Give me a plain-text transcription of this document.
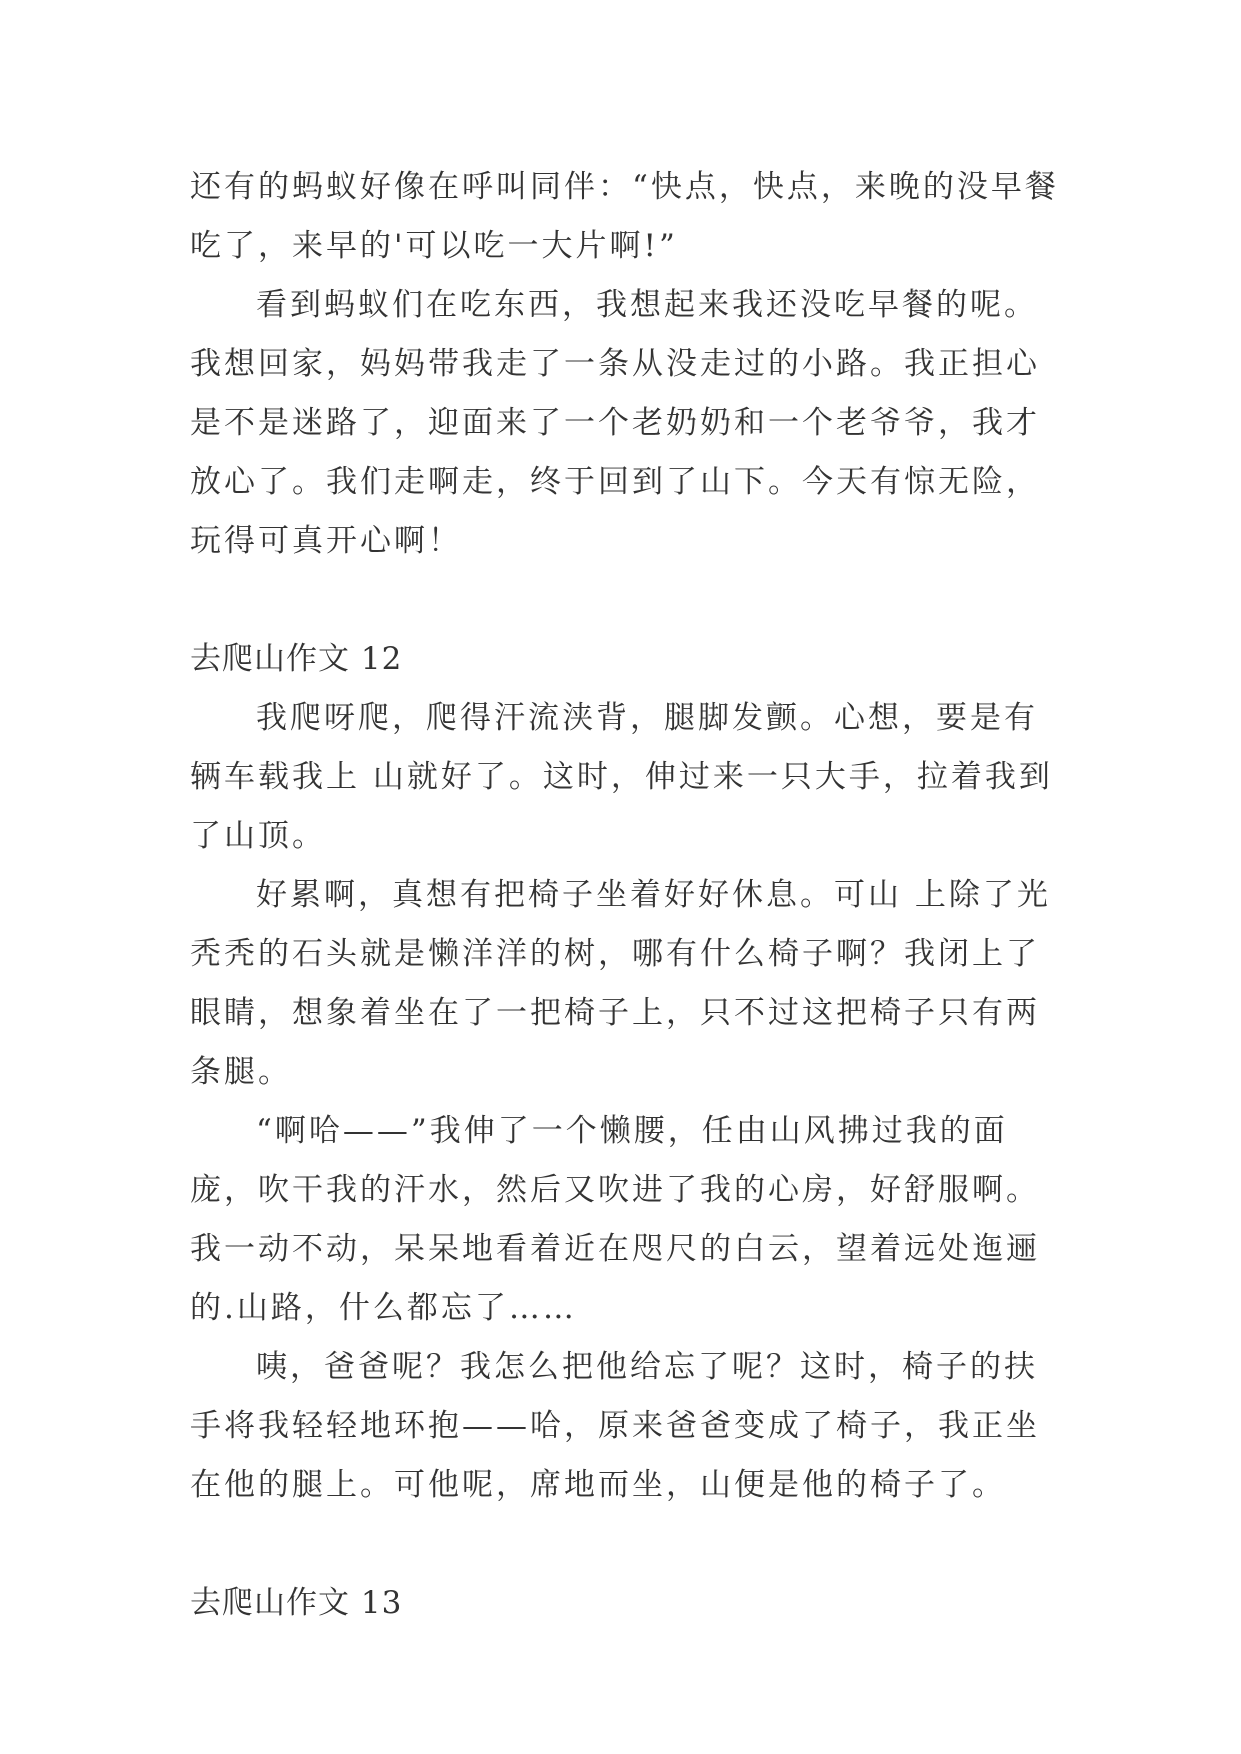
还有的蚂蚁好像在呼叫同伴：“快点，快点，来晚的没早餐吃了，来早的'可以吃一大片啊!”

看到蚂蚁们在吃东西，我想起来我还没吃早餐的呢。我想回家，妈妈带我走了一条从没走过的小路。我正担心是不是迷路了，迎面来了一个老奶奶和一个老爷爷，我才放心了。我们走啊走，终于回到了山下。今天有惊无险，玩得可真开心啊！

去爬山作文 12

我爬呀爬，爬得汗流浃背，腿脚发颤。心想，要是有辆车载我上 山就好了。这时，伸过来一只大手，拉着我到了山顶。

好累啊，真想有把椅子坐着好好休息。可山 上除了光秃秃的石头就是懒洋洋的树，哪有什么椅子啊？我闭上了眼睛，想象着坐在了一把椅子上，只不过这把椅子只有两条腿。

“啊哈——”我伸了一个懒腰，任由山风拂过我的面庞，吹干我的汗水，然后又吹进了我的心房，好舒服啊。我一动不动，呆呆地看着近在咫尺的白云，望着远处迤逦的.山路，什么都忘了……

咦，爸爸呢？我怎么把他给忘了呢？这时，椅子的扶手将我轻轻地环抱——哈，原来爸爸变成了椅子，我正坐在他的腿上。可他呢，席地而坐，山便是他的椅子了。

去爬山作文 13
